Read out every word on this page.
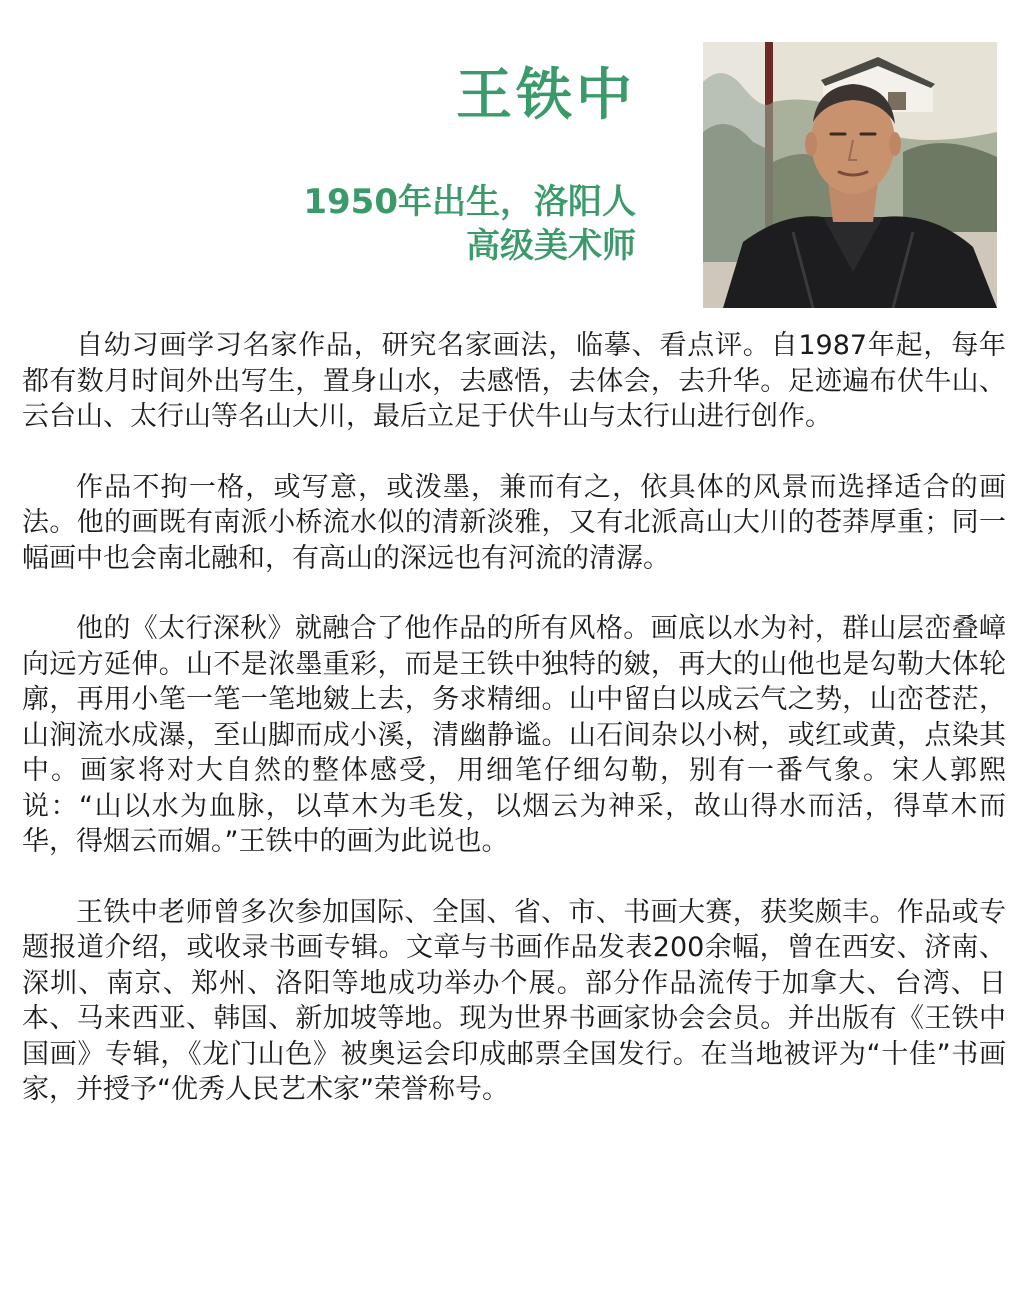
王铁中
1950年出生，洛阳人
高级美术师

自幼习画学习名家作品，研究名家画法，临摹、看点评。自1987年起，每年都有数月时间外出写生，置身山水，去感悟，去体会，去升华。足迹遍布伏牛山、云台山、太行山等名山大川，最后立足于伏牛山与太行山进行创作。

作品不拘一格，或写意，或泼墨，兼而有之，依具体的风景而选择适合的画法。他的画既有南派小桥流水似的清新淡雅，又有北派高山大川的苍莽厚重；同一幅画中也会南北融和，有高山的深远也有河流的清潺。

他的《太行深秋》就融合了他作品的所有风格。画底以水为衬，群山层峦叠嶂向远方延伸。山不是浓墨重彩，而是王铁中独特的皴，再大的山他也是勾勒大体轮廓，再用小笔一笔一笔地皴上去，务求精细。山中留白以成云气之势，山峦苍茫，山涧流水成瀑，至山脚而成小溪，清幽静谧。山石间杂以小树，或红或黄，点染其中。画家将对大自然的整体感受，用细笔仔细勾勒，别有一番气象。宋人郭熙说：“山以水为血脉，以草木为毛发，以烟云为神采，故山得水而活，得草木而华，得烟云而媚。”王铁中的画为此说也。

王铁中老师曾多次参加国际、全国、省、市、书画大赛，获奖颇丰。作品或专题报道介绍，或收录书画专辑。文章与书画作品发表200余幅，曾在西安、济南、深圳、南京、郑州、洛阳等地成功举办个展。部分作品流传于加拿大、台湾、日本、马来西亚、韩国、新加坡等地。现为世界书画家协会会员。并出版有《王铁中国画》专辑，《龙门山色》被奥运会印成邮票全国发行。在当地被评为“十佳”书画家，并授予“优秀人民艺术家”荣誉称号。
